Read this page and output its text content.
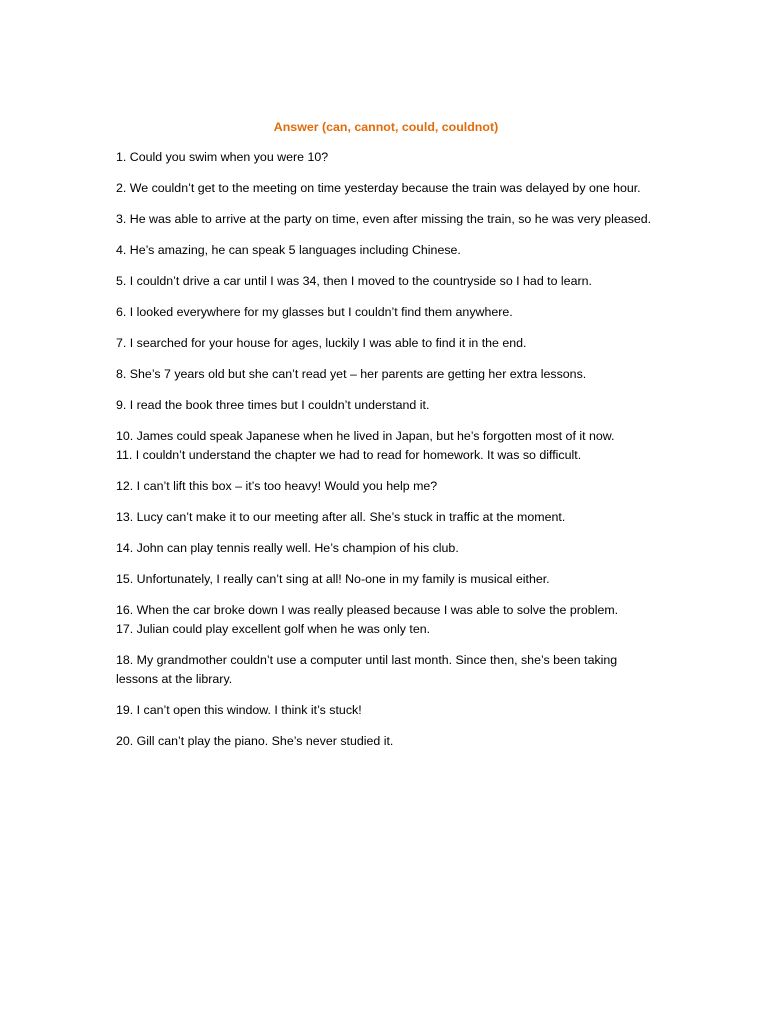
Answer (can, cannot, could, couldnot)
1. Could you swim when you were 10?
2. We couldn’t get to the meeting on time yesterday because the train was delayed by one hour.
3. He was able to arrive at the party on time, even after missing the train, so he was very pleased.
4. He’s amazing, he can speak 5 languages including Chinese.
5. I couldn’t drive a car until I was 34, then I moved to the countryside so I had to learn.
6. I looked everywhere for my glasses but I couldn’t find them anywhere.
7. I searched for your house for ages, luckily I was able to find it in the end.
8. She’s 7 years old but she can’t read yet – her parents are getting her extra lessons.
9. I read the book three times but I couldn’t understand it.
10. James could speak Japanese when he lived in Japan, but he’s forgotten most of it now.
11. I couldn’t understand the chapter we had to read for homework. It was so difficult.
12. I can’t lift this box – it’s too heavy! Would you help me?
13. Lucy can’t make it to our meeting after all. She’s stuck in traffic at the moment.
14. John can play tennis really well. He’s champion of his club.
15. Unfortunately, I really can’t sing at all! No-one in my family is musical either.
16. When the car broke down I was really pleased because I was able to solve the problem.
17. Julian could play excellent golf when he was only ten.
18. My grandmother couldn’t use a computer until last month. Since then, she’s been taking lessons at the library.
19. I can’t open this window. I think it’s stuck!
20. Gill can’t play the piano. She’s never studied it.
